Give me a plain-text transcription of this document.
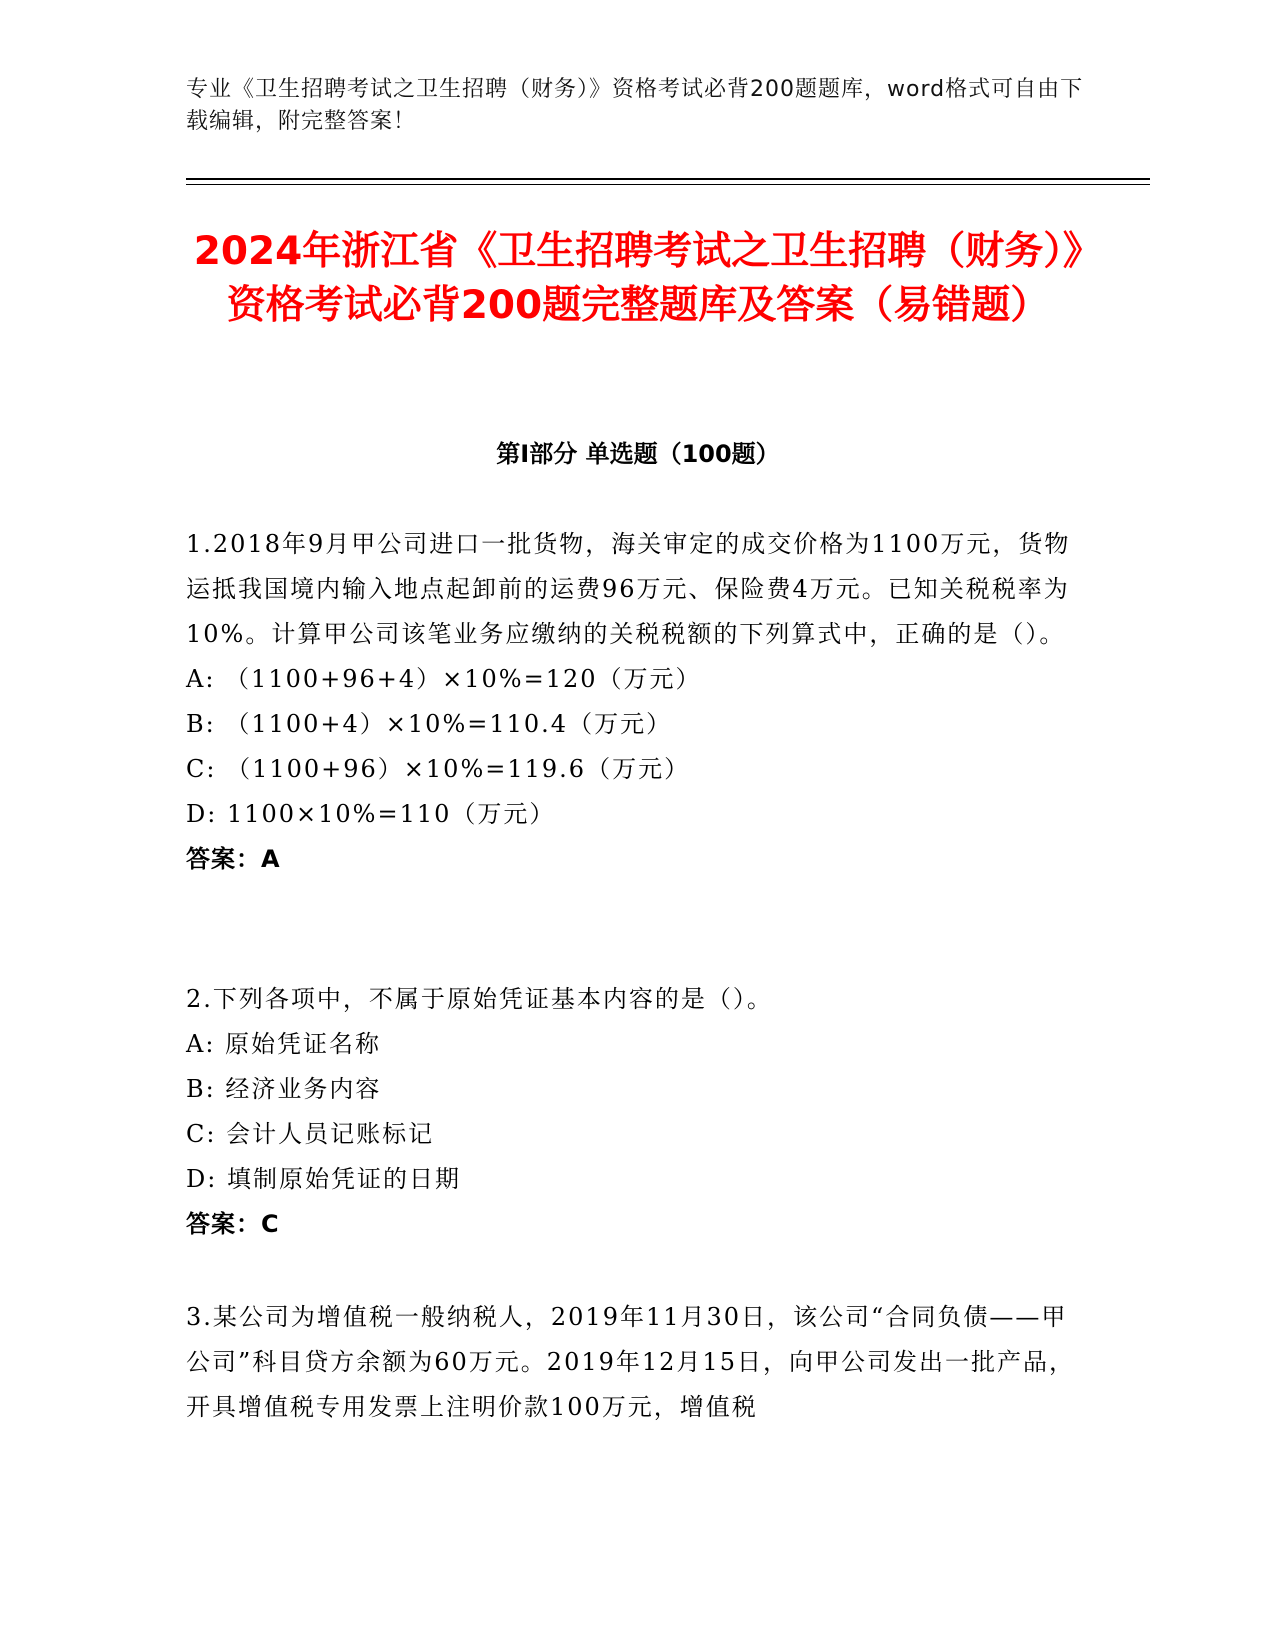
专业《卫生招聘考试之卫生招聘（财务）》资格考试必背200题题库，word格式可自由下载编辑，附完整答案！
2024年浙江省《卫生招聘考试之卫生招聘（财务）》资格考试必背200题完整题库及答案（易错题）
第Ⅰ部分 单选题（100题）
1.2018年9月甲公司进口一批货物，海关审定的成交价格为1100万元，货物运抵我国境内输入地点起卸前的运费96万元、保险费4万元。已知关税税率为10%。计算甲公司该笔业务应缴纳的关税税额的下列算式中，正确的是（）。
A: （1100+96+4）×10%=120（万元）
B: （1100+4）×10%=110.4（万元）
C: （1100+96）×10%=119.6（万元）
D: 1100×10%=110（万元）
答案：A
2.下列各项中，不属于原始凭证基本内容的是（）。
A: 原始凭证名称
B: 经济业务内容
C: 会计人员记账标记
D: 填制原始凭证的日期
答案：C
3.某公司为增值税一般纳税人，2019年11月30日，该公司“合同负债——甲公司”科目贷方余额为60万元。2019年12月15日，向甲公司发出一批产品，开具增值税专用发票上注明价款100万元，增值税
